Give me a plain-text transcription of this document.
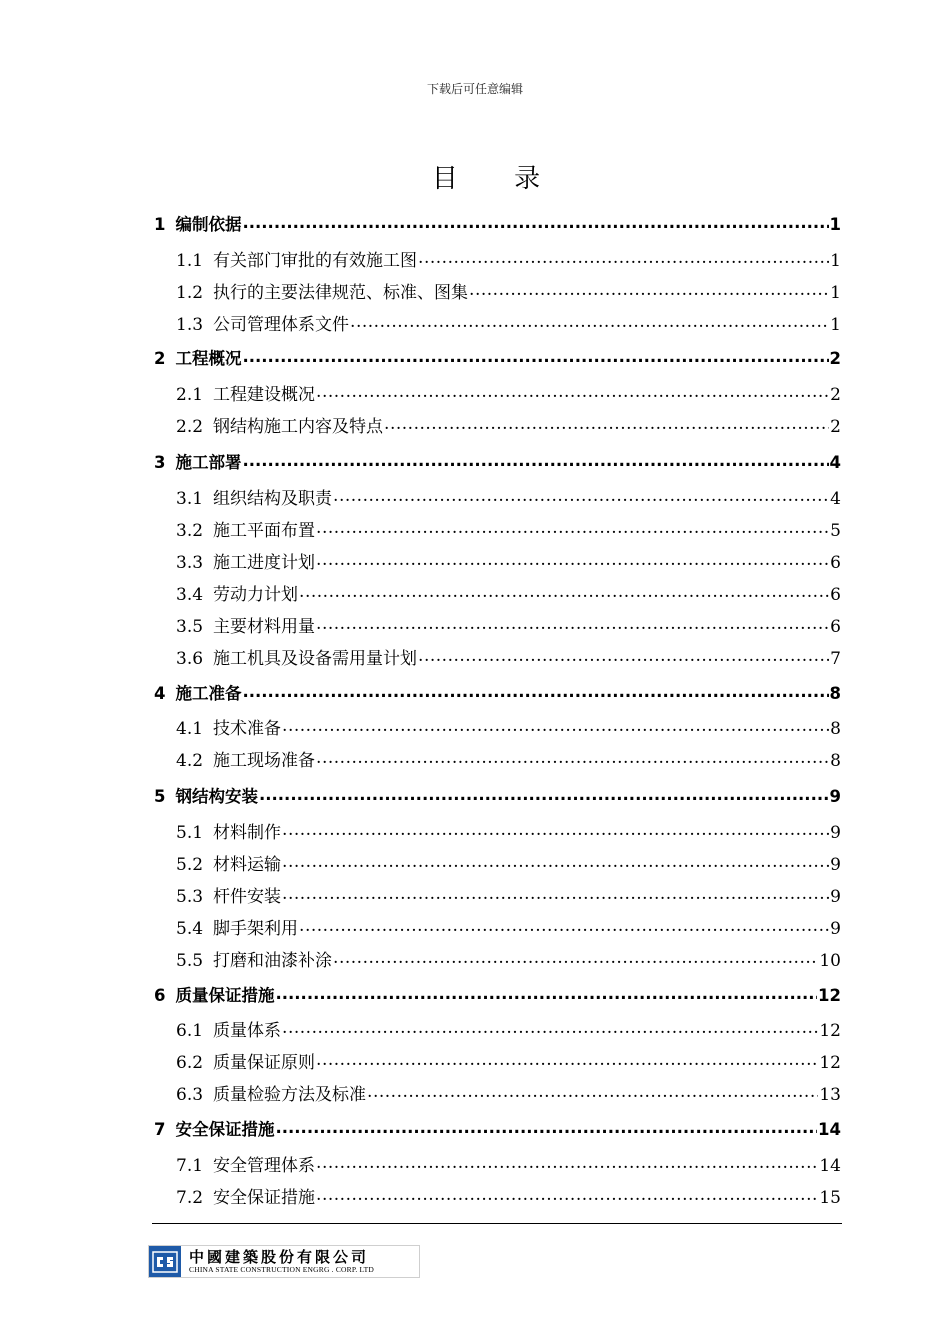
下载后可任意编辑
目 录
1 编制依据 .....	1
1.1 有关部门审批的有效施工图 .....	1
1.2 执行的主要法律规范、标准、图集 .....	1
1.3 公司管理体系文件 .....	1
2 工程概况 .....	2
2.1 工程建设概况 .....	2
2.2 钢结构施工内容及特点 .....	2
3 施工部署 .....	4
3.1 组织结构及职责 .....	4
3.2 施工平面布置 .....	5
3.3 施工进度计划 .....	6
3.4 劳动力计划 .....	6
3.5 主要材料用量 .....	6
3.6 施工机具及设备需用量计划 .....	7
4 施工准备 .....	8
4.1 技术准备 .....	8
4.2 施工现场准备 .....	8
5 钢结构安装 .....	9
5.1 材料制作 .....	9
5.2 材料运输 .....	9
5.3 杆件安装 .....	9
5.4 脚手架利用 .....	9
5.5 打磨和油漆补涂 .....	10
6 质量保证措施 .....	12
6.1 质量体系 .....	12
6.2 质量保证原则 .....	12
6.3 质量检验方法及标准 .....	13
7 安全保证措施 .....	14
7.1 安全管理体系 .....	14
7.2 安全保证措施 .....	15
中國建築股份有限公司
CHINA STATE CONSTRUCTION ENGRG . CORP. LTD
